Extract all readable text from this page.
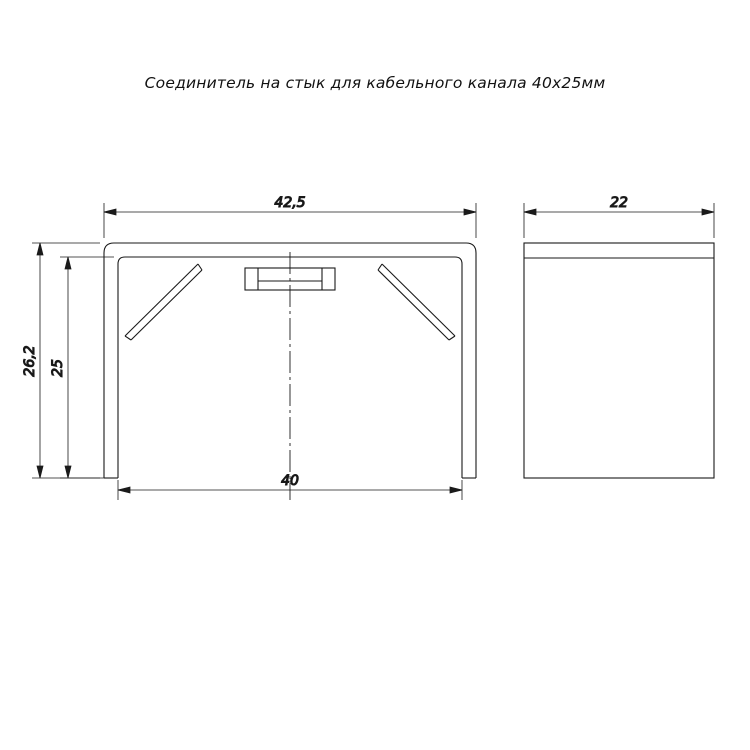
Соединитель на стык для кабельного канала 40х25мм
42,5
40
26,2 25
22
